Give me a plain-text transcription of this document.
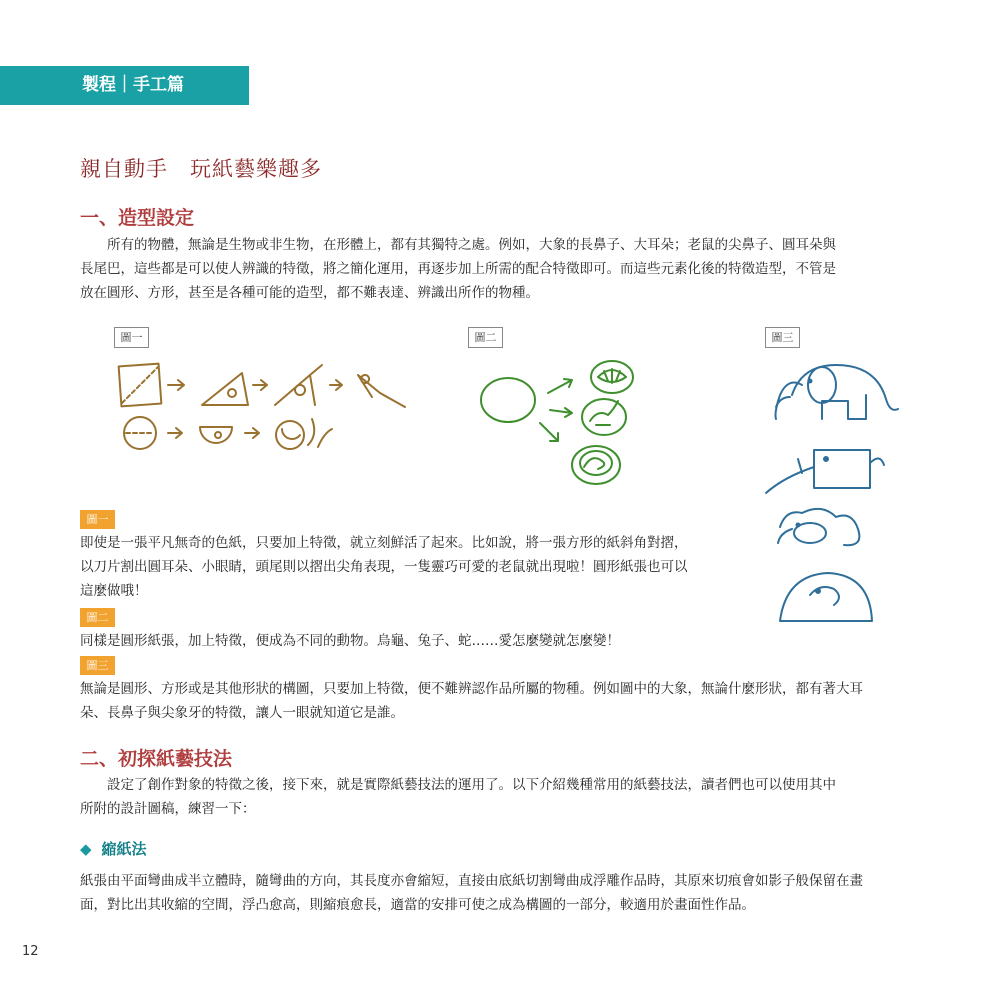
製程｜手工篇
親自動手　玩紙藝樂趣多
一、造型設定
　　所有的物體，無論是生物或非生物，在形體上，都有其獨特之處。例如，大象的長鼻子、大耳朵；老鼠的尖鼻子、圓耳朵與
長尾巴，這些都是可以使人辨識的特徵，將之簡化運用，再逐步加上所需的配合特徵即可。而這些元素化後的特徵造型，不管是
放在圓形、方形，甚至是各種可能的造型，都不難表達、辨識出所作的物種。
圖一	圖二	圖三
圖一
即使是一張平凡無奇的色紙，只要加上特徵，就立刻鮮活了起來。比如說，將一張方形的紙斜角對摺，
以刀片割出圓耳朵、小眼睛，頭尾則以摺出尖角表現，一隻靈巧可愛的老鼠就出現啦！圓形紙張也可以
這麼做哦！
圖二
同樣是圓形紙張，加上特徵，便成為不同的動物。烏龜、兔子、蛇……愛怎麼變就怎麼變！
圖三
無論是圓形、方形或是其他形狀的構圖，只要加上特徵，便不難辨認作品所屬的物種。例如圖中的大象，無論什麼形狀，都有著大耳
朵、長鼻子與尖象牙的特徵，讓人一眼就知道它是誰。
二、初探紙藝技法
　　設定了創作對象的特徵之後，接下來，就是實際紙藝技法的運用了。以下介紹幾種常用的紙藝技法，讀者們也可以使用其中
所附的設計圖稿，練習一下：
◆ 縮紙法
紙張由平面彎曲成半立體時，隨彎曲的方向，其長度亦會縮短，直接由底紙切割彎曲成浮雕作品時，其原來切痕會如影子般保留在畫
面，對比出其收縮的空間，浮凸愈高，則縮痕愈長，適當的安排可使之成為構圖的一部分，較適用於畫面性作品。
12
